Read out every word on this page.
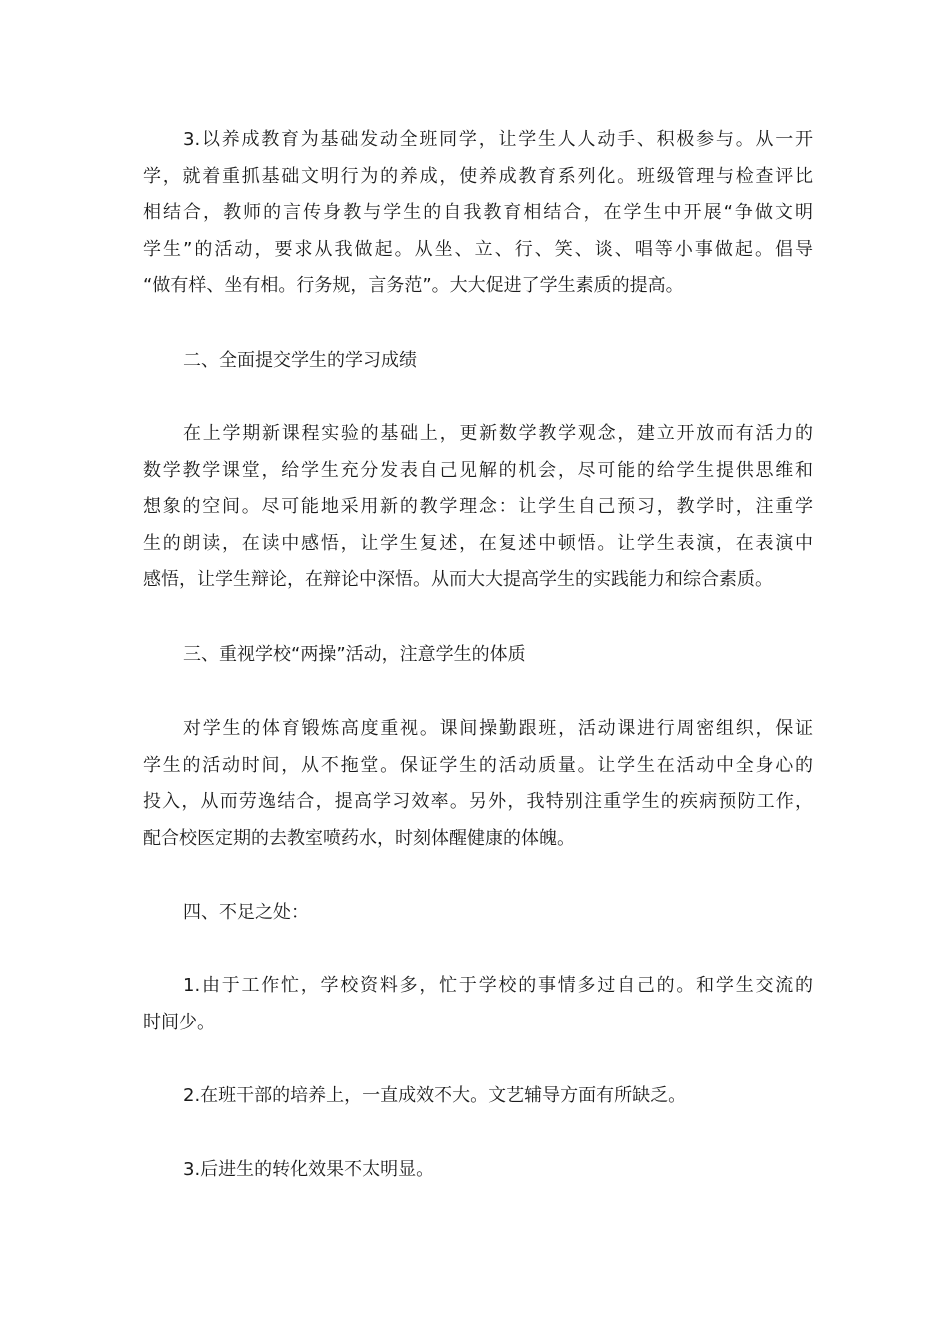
3.以养成教育为基础发动全班同学，让学生人人动手、积极参与。从一开
学，就着重抓基础文明行为的养成，使养成教育系列化。班级管理与检查评比
相结合，教师的言传身教与学生的自我教育相结合，在学生中开展“争做文明
学生”的活动，要求从我做起。从坐、立、行、笑、谈、唱等小事做起。倡导
“做有样、坐有相。行务规，言务范”。大大促进了学生素质的提高。

二、全面提交学生的学习成绩

在上学期新课程实验的基础上，更新数学教学观念，建立开放而有活力的
数学教学课堂，给学生充分发表自己见解的机会，尽可能的给学生提供思维和
想象的空间。尽可能地采用新的教学理念：让学生自己预习，教学时，注重学
生的朗读，在读中感悟，让学生复述，在复述中顿悟。让学生表演，在表演中
感悟，让学生辩论，在辩论中深悟。从而大大提高学生的实践能力和综合素质。

三、重视学校“两操”活动，注意学生的体质

对学生的体育锻炼高度重视。课间操勤跟班，活动课进行周密组织，保证
学生的活动时间，从不拖堂。保证学生的活动质量。让学生在活动中全身心的
投入，从而劳逸结合，提高学习效率。另外，我特别注重学生的疾病预防工作，
配合校医定期的去教室喷药水，时刻体醒健康的体魄。

四、不足之处：

1.由于工作忙，学校资料多，忙于学校的事情多过自己的。和学生交流的
时间少。

2.在班干部的培养上，一直成效不大。文艺辅导方面有所缺乏。

3.后进生的转化效果不太明显。
